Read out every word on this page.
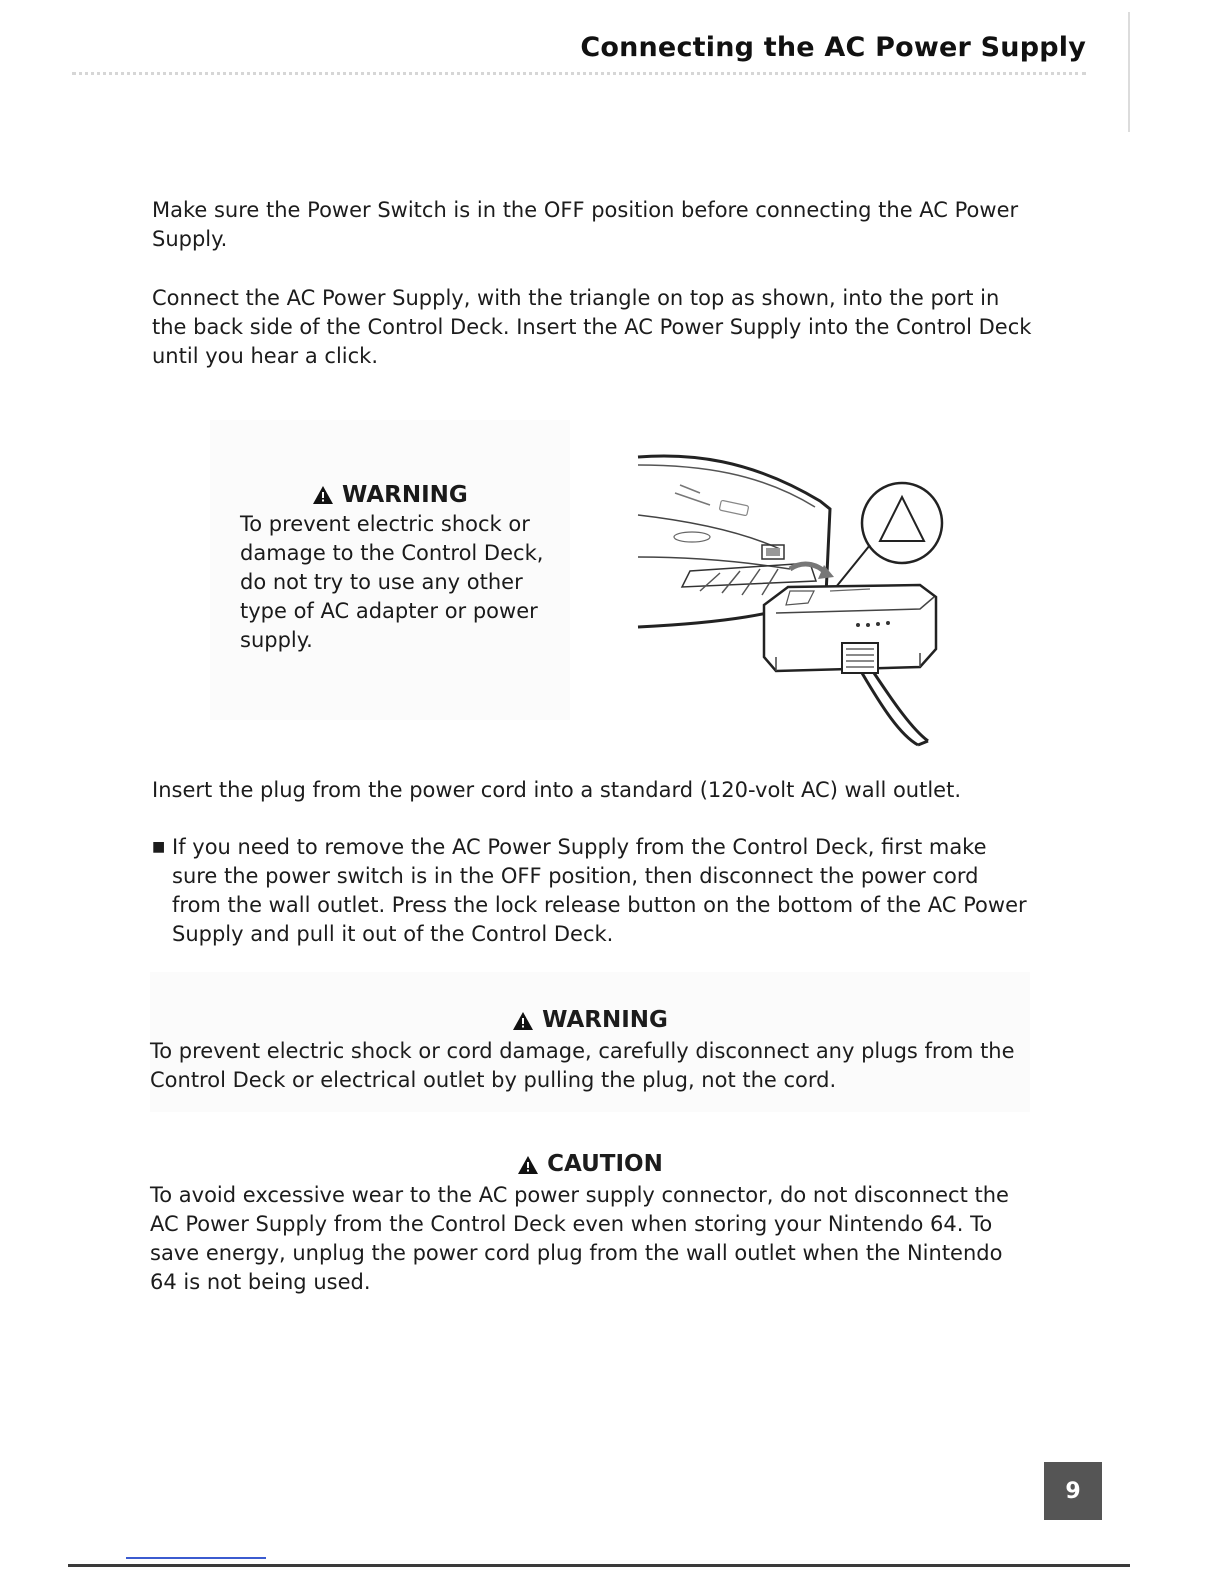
Connecting the AC Power Supply
Make sure the Power Switch is in the OFF position before connecting the AC Power Supply.
Connect the AC Power Supply, with the triangle on top as shown, into the port in the back side of the Control Deck. Insert the AC Power Supply into the Control Deck until you hear a click.
WARNING
To prevent electric shock or damage to the Control Deck, do not try to use any other type of AC adapter or power supply.
Insert the plug from the power cord into a standard (120-volt AC) wall outlet.
■ If you need to remove the AC Power Supply from the Control Deck, first make sure the power switch is in the OFF position, then disconnect the power cord from the wall outlet. Press the lock release button on the bottom of the AC Power Supply and pull it out of the Control Deck.
WARNING
To prevent electric shock or cord damage, carefully disconnect any plugs from the Control Deck or electrical outlet by pulling the plug, not the cord.
CAUTION
To avoid excessive wear to the AC power supply connector, do not disconnect the AC Power Supply from the Control Deck even when storing your Nintendo 64. To save energy, unplug the power cord plug from the wall outlet when the Nintendo 64 is not being used.
9
